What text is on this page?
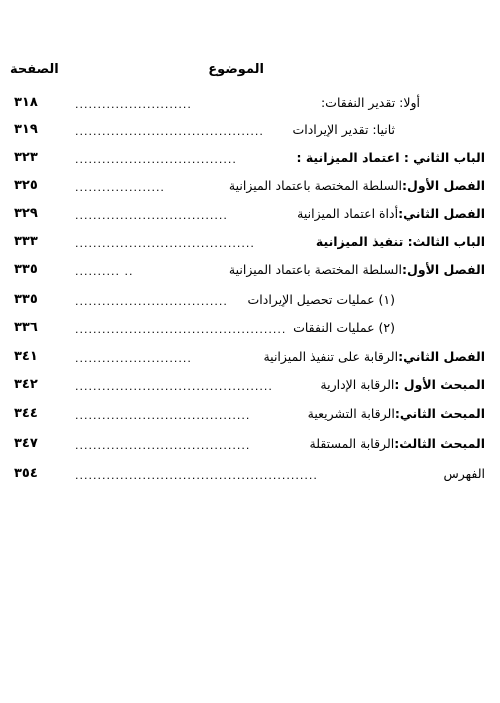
الموضوع
الصفحة
٣١٨	أولا: تقدير النفقات:
..........................
٣١٩	ثانيا: تقدير الإيرادات
..........................................
٣٢٣	الباب الثاني : اعتماد الميزانية :
....................................
٣٢٥	الفصل الأول:
السلطة المختصة باعتماد الميزانية
....................
٣٢٩	الفصل الثاني:
أداة اعتماد الميزانية
..................................
٣٣٣	الباب الثالث: تنفيذ الميزانية
........................................
٣٣٥	الفصل الأول:
السلطة المختصة باعتماد الميزانية
.......... ..
٣٣٥	(١) عمليات تحصيل الإيرادات
..................................
٣٣٦	(٢) عمليات النفقات
...............................................
٣٤١	الفصل الثاني:
الرقابة على تنفيذ الميزانية
..........................
٣٤٢	المبحث الأول :
الرقابة الإدارية
............................................
٣٤٤	المبحث الثاني:
الرقابة التشريعية
.......................................
٣٤٧	المبحث الثالث:
الرقابة المستقلة
.......................................
٣٥٤	الفهرس
......................................................
